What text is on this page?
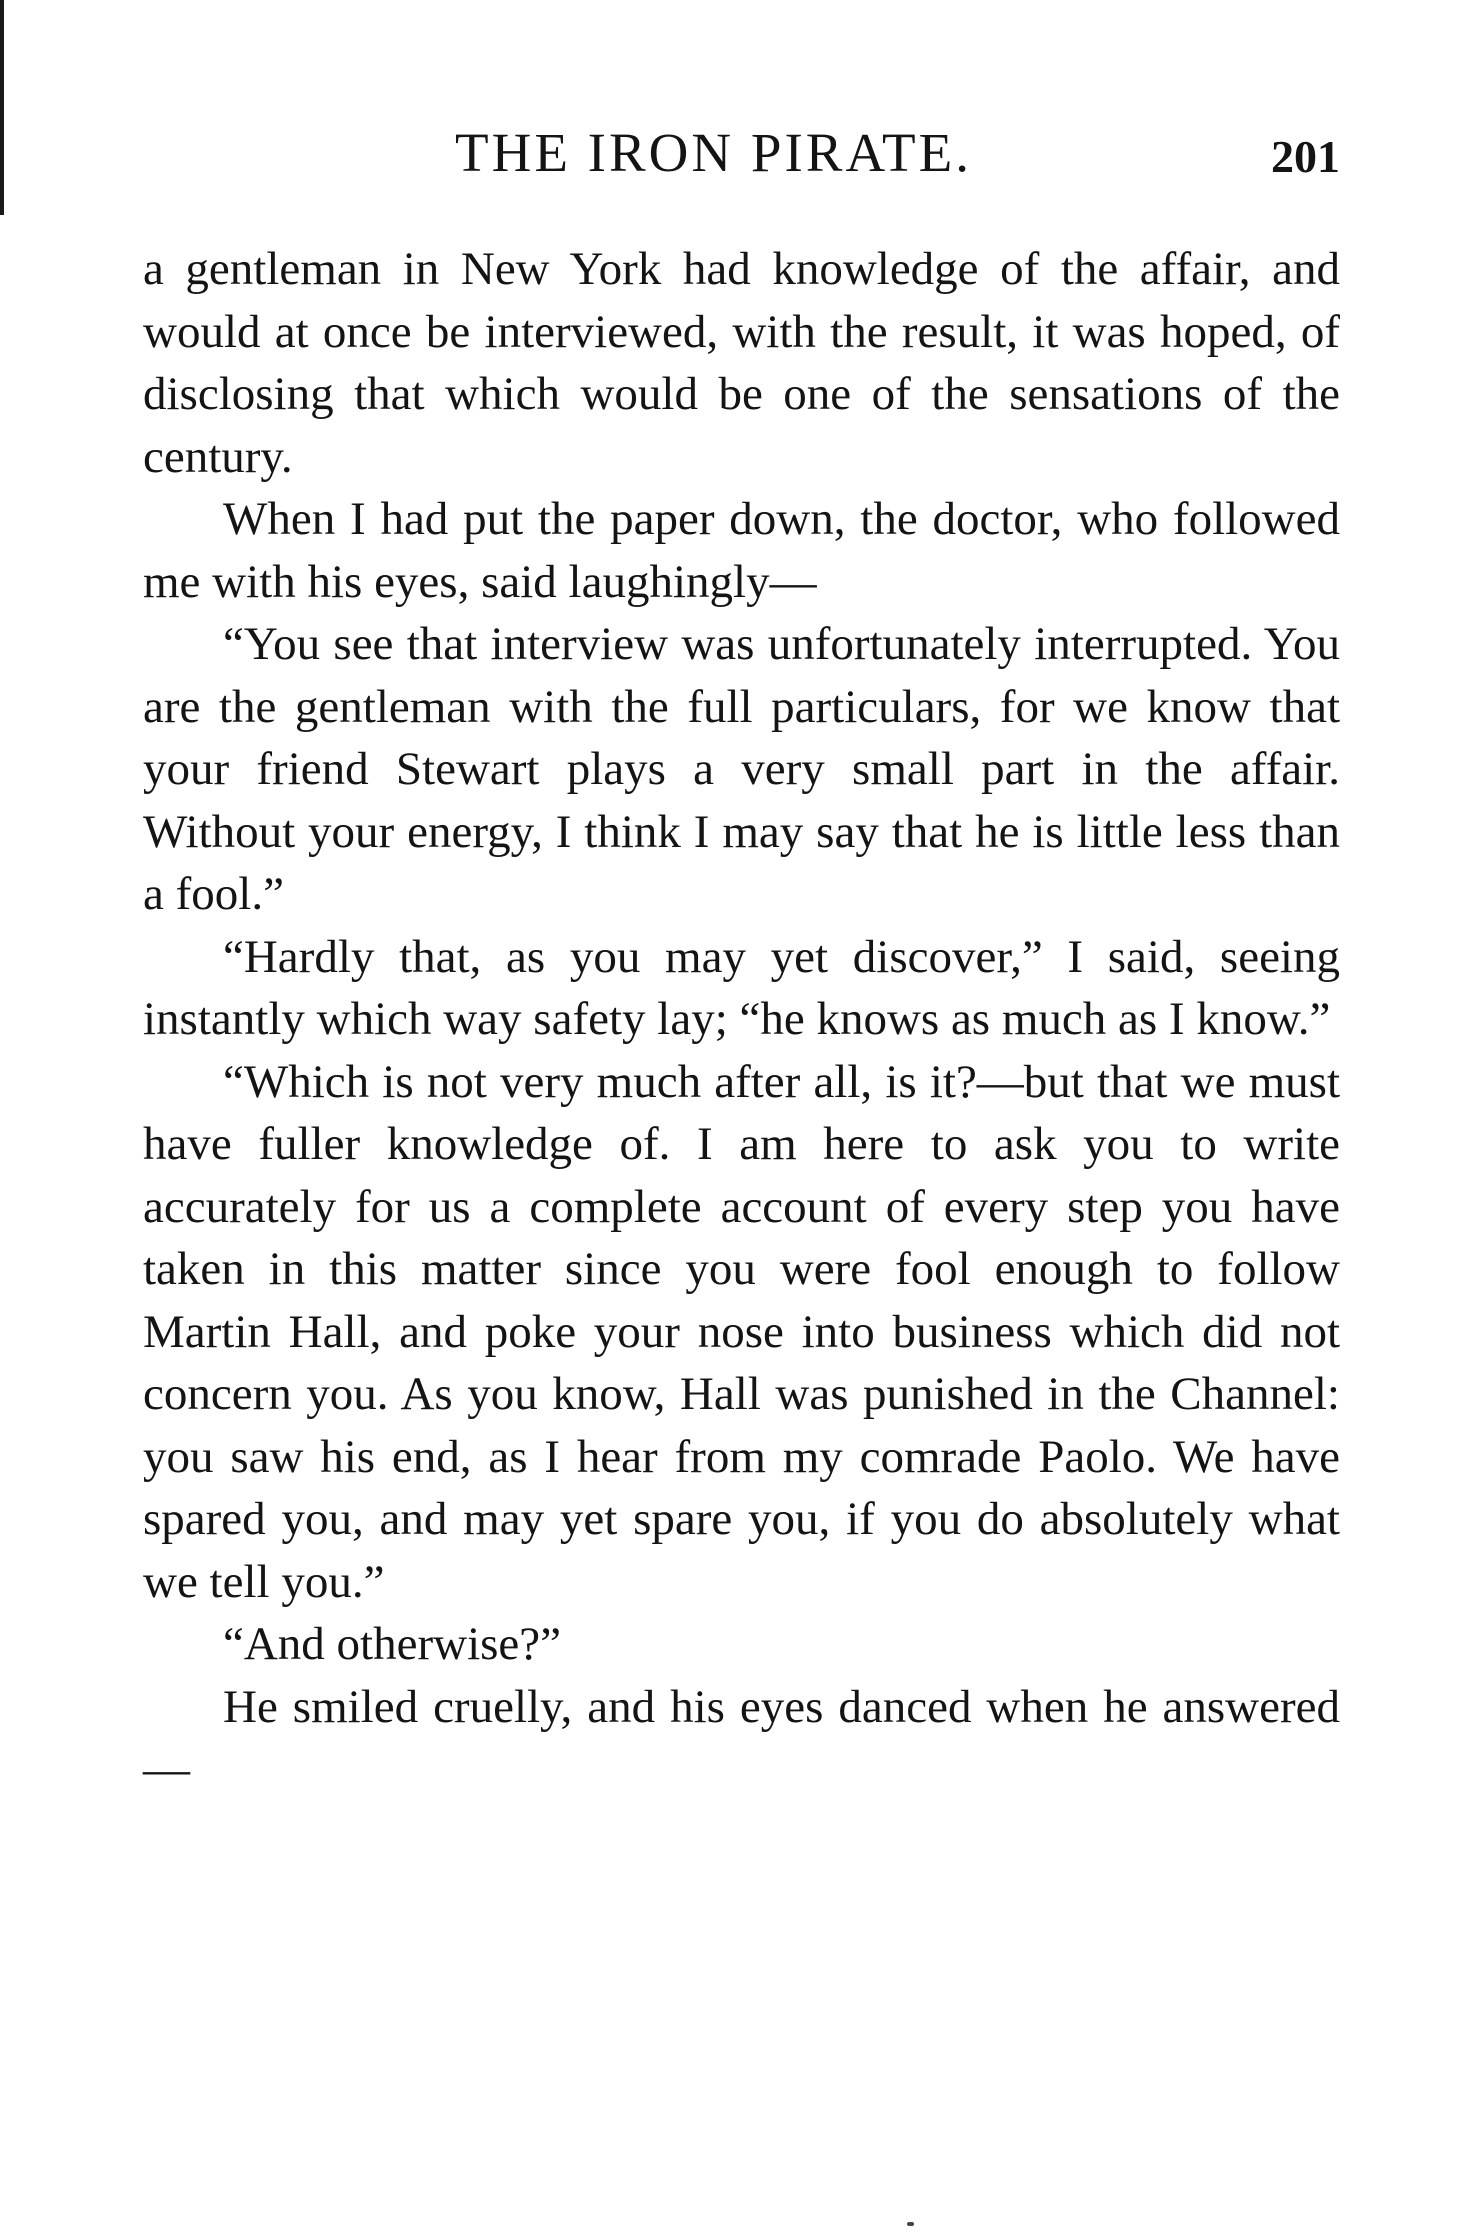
THE IRON PIRATE.	201

a gentleman in New York had knowledge of the affair, and would at once be interviewed, with the result, it was hoped, of disclosing that which would be one of the sensations of the century.

When I had put the paper down, the doctor, who followed me with his eyes, said laughingly—

“You see that interview was unfortunately interrupted. You are the gentleman with the full particulars, for we know that your friend Stewart plays a very small part in the affair. Without your energy, I think I may say that he is little less than a fool.”

“Hardly that, as you may yet discover,” I said, seeing instantly which way safety lay; “he knows as much as I know.”

“Which is not very much after all, is it?—but that we must have fuller knowledge of. I am here to ask you to write accurately for us a complete account of every step you have taken in this matter since you were fool enough to follow Martin Hall, and poke your nose into business which did not concern you. As you know, Hall was punished in the Channel: you saw his end, as I hear from my comrade Paolo. We have spared you, and may yet spare you, if you do absolutely what we tell you.”

“And otherwise?”

He smiled cruelly, and his eyes danced when he answered—
